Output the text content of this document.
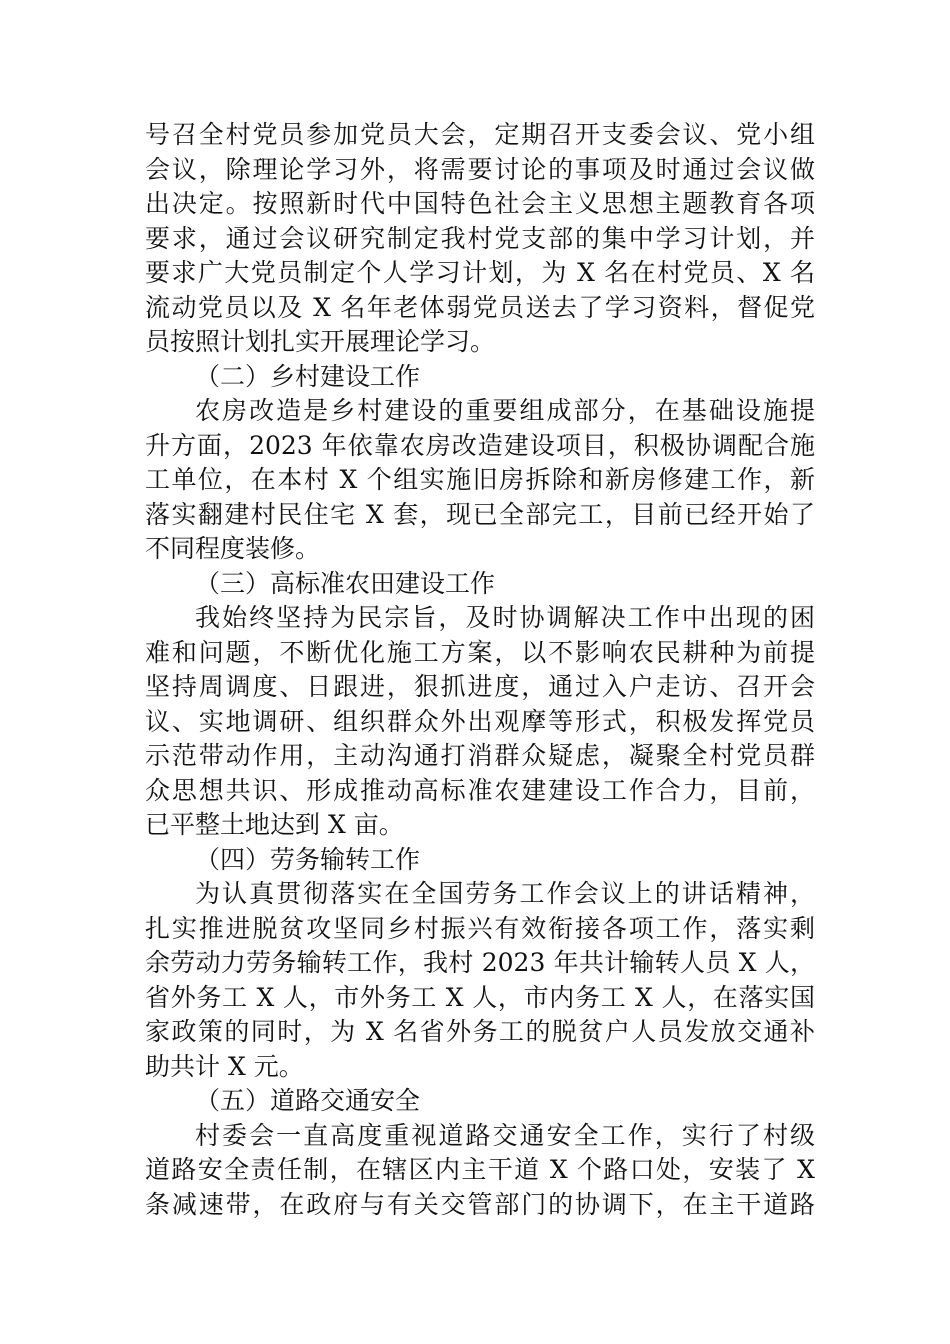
号召全村党员参加党员大会，定期召开支委会议、党小组
会议，除理论学习外，将需要讨论的事项及时通过会议做
出决定。按照新时代中国特色社会主义思想主题教育各项
要求，通过会议研究制定我村党支部的集中学习计划，并
要求广大党员制定个人学习计划，为 X 名在村党员、X 名
流动党员以及 X 名年老体弱党员送去了学习资料，督促党
员按照计划扎实开展理论学习。
（二）乡村建设工作
农房改造是乡村建设的重要组成部分，在基础设施提
升方面，2023 年依靠农房改造建设项目，积极协调配合施
工单位，在本村 X 个组实施旧房拆除和新房修建工作，新
落实翻建村民住宅 X 套，现已全部完工，目前已经开始了
不同程度装修。
（三）高标准农田建设工作
我始终坚持为民宗旨，及时协调解决工作中出现的困
难和问题，不断优化施工方案，以不影响农民耕种为前提
坚持周调度、日跟进，狠抓进度，通过入户走访、召开会
议、实地调研、组织群众外出观摩等形式，积极发挥党员
示范带动作用，主动沟通打消群众疑虑，凝聚全村党员群
众思想共识、形成推动高标准农建建设工作合力，目前，
已平整土地达到 X 亩。
（四）劳务输转工作
为认真贯彻落实在全国劳务工作会议上的讲话精神，
扎实推进脱贫攻坚同乡村振兴有效衔接各项工作，落实剩
余劳动力劳务输转工作，我村 2023 年共计输转人员 X 人，
省外务工 X 人，市外务工 X 人，市内务工 X 人，在落实国
家政策的同时，为 X 名省外务工的脱贫户人员发放交通补
助共计 X 元。
（五）道路交通安全
村委会一直高度重视道路交通安全工作，实行了村级
道路安全责任制，在辖区内主干道 X 个路口处，安装了 X
条减速带，在政府与有关交管部门的协调下，在主干道路
